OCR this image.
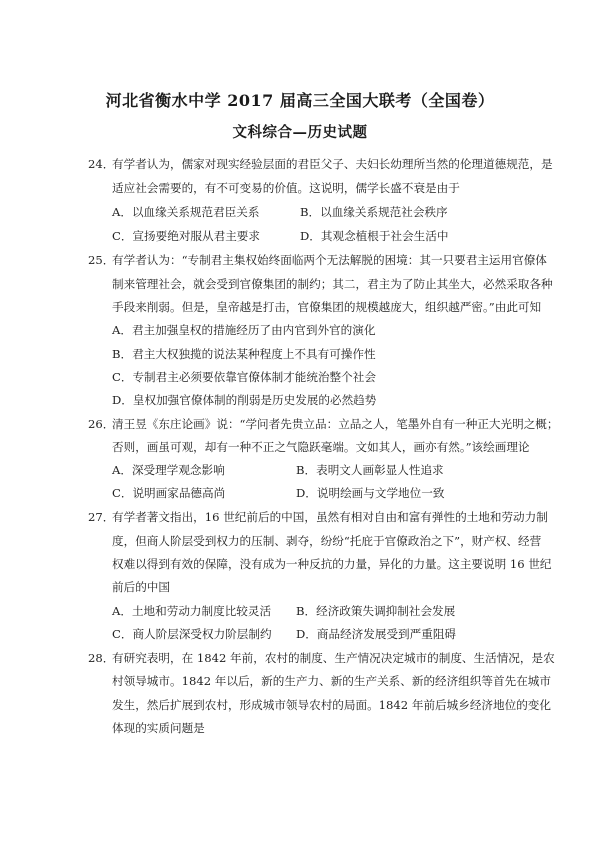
河北省衡水中学 2017 届高三全国大联考（全国卷）
文科综合—历史试题
24．
有学者认为，儒家对现实经验层面的君臣父子、夫妇长幼理所当然的伦理道德规范，是
适应社会需要的，有不可变易的价值。这说明，儒学长盛不衰是由于
A．以血缘关系规范君臣关系	B．以血缘关系规范社会秩序
C．宣扬要绝对服从君主要求	D．其观念植根于社会生活中
25．
有学者认为：“专制君主集权始终面临两个无法解脱的困境：其一只要君主运用官僚体
制来管理社会，就会受到官僚集团的制约；其二，君主为了防止其坐大，必然采取各种
手段来削弱。但是，皇帝越是打击，官僚集团的规模越庞大，组织越严密。”由此可知
A．君主加强皇权的措施经历了由内官到外官的演化
B．君主大权独揽的说法某种程度上不具有可操作性
C．专制君主必须要依靠官僚体制才能统治整个社会
D．皇权加强官僚体制的削弱是历史发展的必然趋势
26．
清王昱《东庄论画》说：“学问者先贵立品：立品之人，笔墨外自有一种正大光明之概；
否则，画虽可观，却有一种不正之气隐跃毫端。文如其人，画亦有然。”该绘画理论
A．深受理学观念影响	B．表明文人画彰显人性追求
C．说明画家品德高尚	D．说明绘画与文学地位一致
27．
有学者著文指出，16 世纪前后的中国，虽然有相对自由和富有弹性的土地和劳动力制
度，但商人阶层受到权力的压制、剥夺，纷纷“托庇于官僚政治之下”，财产权、经营
权难以得到有效的保障，没有成为一种反抗的力量，异化的力量。这主要说明 16 世纪
前后的中国
A．土地和劳动力制度比较灵活 B．经济政策失调抑制社会发展
C．商人阶层深受权力阶层制约 D．商品经济发展受到严重阻碍
28．
有研究表明，在 1842 年前，农村的制度、生产情况决定城市的制度、生活情况，是农
村领导城市。1842 年以后，新的生产力、新的生产关系、新的经济组织等首先在城市
发生，然后扩展到农村，形成城市领导农村的局面。1842 年前后城乡经济地位的变化
体现的实质问题是
